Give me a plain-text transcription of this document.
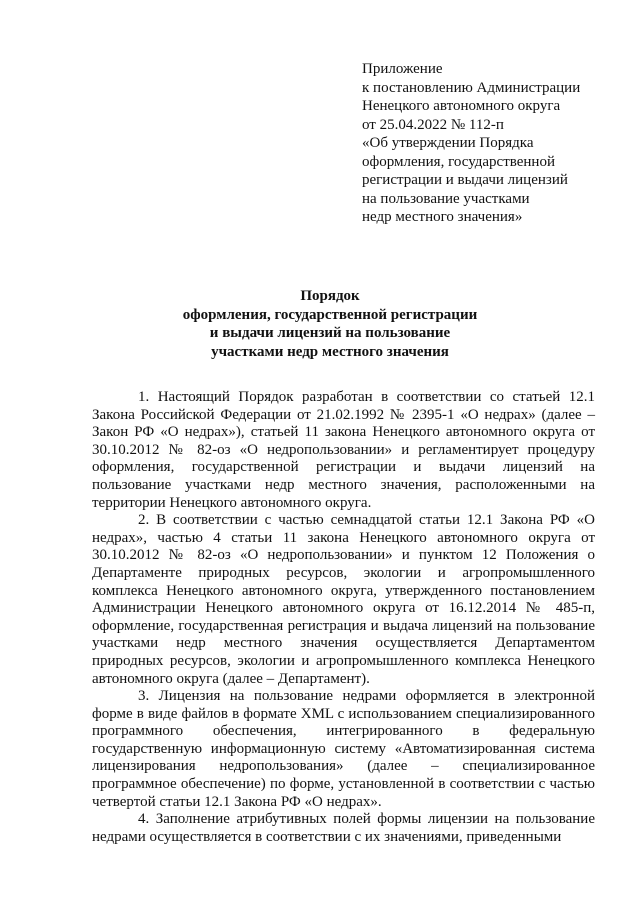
Приложение
к постановлению Администрации
Ненецкого автономного округа
от 25.04.2022 № 112-п
«Об утверждении Порядка
оформления, государственной
регистрации и выдачи лицензий
на пользование участками
недр местного значения»
Порядок
оформления, государственной регистрации
и выдачи лицензий на пользование
участками недр местного значения

1. Настоящий Порядок разработан в соответствии со статьей 12.1 Закона Российской Федерации от 21.02.1992 № 2395-1 «О недрах» (далее – Закон РФ «О недрах»), статьей 11 закона Ненецкого автономного округа от 30.10.2012 № 82-оз «О недропользовании» и регламентирует процедуру оформления, государственной регистрации и выдачи лицензий на пользование участками недр местного значения, расположенными на территории Ненецкого автономного округа.

2. В соответствии с частью семнадцатой статьи 12.1 Закона РФ «О недрах», частью 4 статьи 11 закона Ненецкого автономного округа от 30.10.2012 № 82-оз «О недропользовании» и пунктом 12 Положения о Департаменте природных ресурсов, экологии и агропромышленного комплекса Ненецкого автономного округа, утвержденного постановлением Администрации Ненецкого автономного округа от 16.12.2014 № 485-п, оформление, государственная регистрация и выдача лицензий на пользование участками недр местного значения осуществляется Департаментом природных ресурсов, экологии и агропромышленного комплекса Ненецкого автономного округа (далее – Департамент).

3. Лицензия на пользование недрами оформляется в электронной форме в виде файлов в формате XML с использованием специализированного программного обеспечения, интегрированного в федеральную государственную информационную систему «Автоматизированная система лицензирования недропользования» (далее – специализированное программное обеспечение) по форме, установленной в соответствии с частью четвертой статьи 12.1 Закона РФ «О недрах».

4. Заполнение атрибутивных полей формы лицензии на пользование недрами осуществляется в соответствии с их значениями, приведенными
